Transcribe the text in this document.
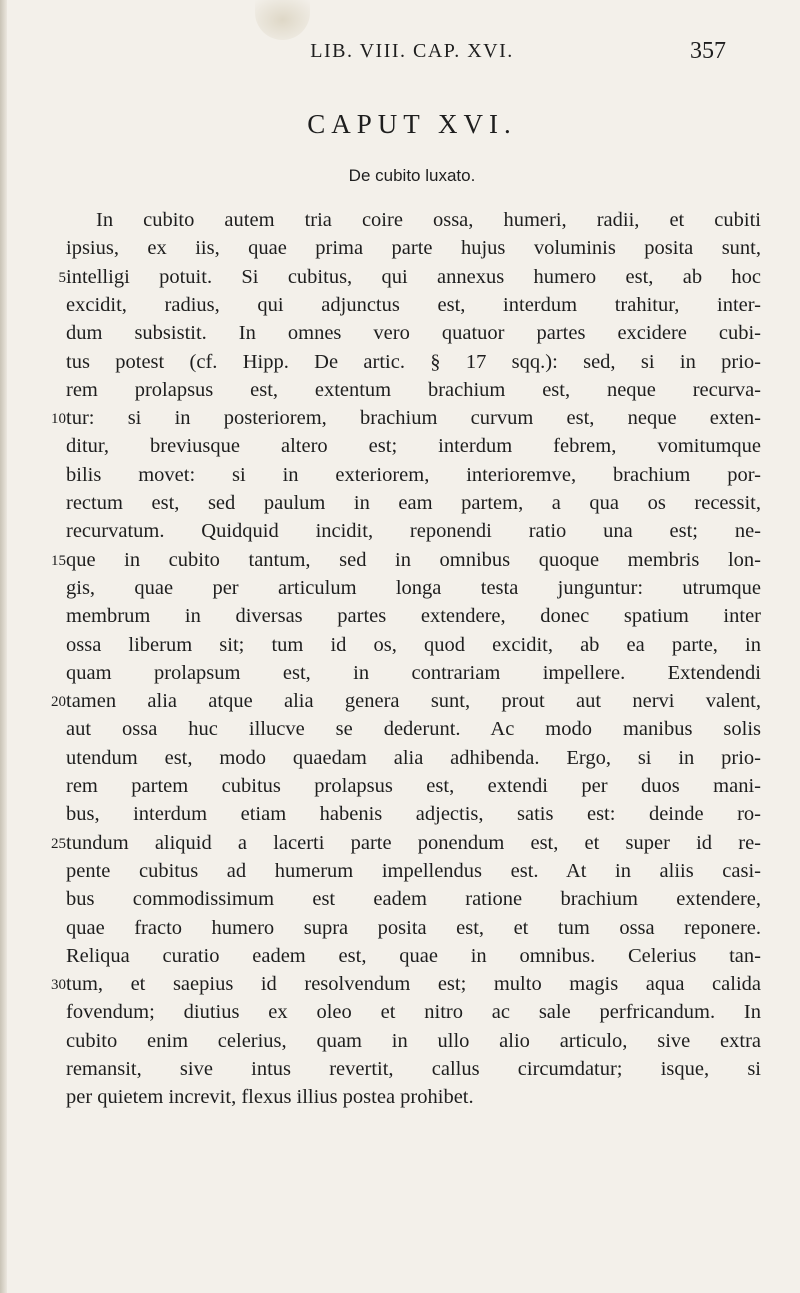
LIB. VIII. CAP. XVI.	357
CAPUT XVI.
De cubito luxato.
In cubito autem tria coire ossa, humeri, radii, et cubiti
ipsius, ex iis, quae prima parte hujus voluminis posita sunt,
intelligi potuit. Si cubitus, qui annexus humero est, ab hoc
excidit, radius, qui adjunctus est, interdum trahitur, inter-
dum subsistit. In omnes vero quatuor partes excidere cubi-
tus potest (cf. Hipp. De artic. § 17 sqq.): sed, si in prio-
rem prolapsus est, extentum brachium est, neque recurva-
tur: si in posteriorem, brachium curvum est, neque exten-
ditur, breviusque altero est; interdum febrem, vomitumque
bilis movet: si in exteriorem, interioremve, brachium por-
rectum est, sed paulum in eam partem, a qua os recessit,
recurvatum. Quidquid incidit, reponendi ratio una est; ne-
que in cubito tantum, sed in omnibus quoque membris lon-
gis, quae per articulum longa testa junguntur: utrumque
membrum in diversas partes extendere, donec spatium inter
ossa liberum sit; tum id os, quod excidit, ab ea parte, in
quam prolapsum est, in contrariam impellere. Extendendi
tamen alia atque alia genera sunt, prout aut nervi valent,
aut ossa huc illucve se dederunt. Ac modo manibus solis
utendum est, modo quaedam alia adhibenda. Ergo, si in prio-
rem partem cubitus prolapsus est, extendi per duos mani-
bus, interdum etiam habenis adjectis, satis est: deinde ro-
tundum aliquid a lacerti parte ponendum est, et super id re-
pente cubitus ad humerum impellendus est. At in aliis casi-
bus commodissimum est eadem ratione brachium extendere,
quae fracto humero supra posita est, et tum ossa reponere.
Reliqua curatio eadem est, quae in omnibus. Celerius tan-
tum, et saepius id resolvendum est; multo magis aqua calida
fovendum; diutius ex oleo et nitro ac sale perfricandum. In
cubito enim celerius, quam in ullo alio articulo, sive extra
remansit, sive intus revertit, callus circumdatur; isque, si
per quietem increvit, flexus illius postea prohibet.
5
10
15
20
25
30
